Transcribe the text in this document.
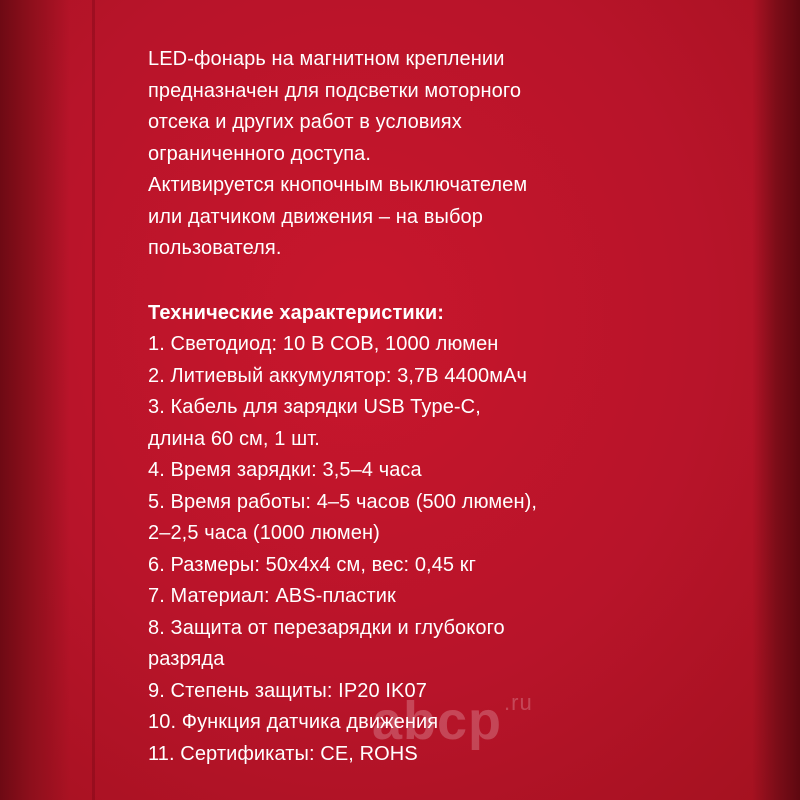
LED-фонарь на магнитном креплении

предназначен для подсветки моторного

отсека и других работ в условиях

ограниченного доступа.

Активируется кнопочным выключателем

или датчиком движения – на выбор

пользователя.

Технические характеристики:

1. Светодиод: 10 В COB, 1000 люмен

2. Литиевый аккумулятор: 3,7В 4400мАч

3. Кабель для зарядки USB Type-C,

длина 60 см, 1 шт.

4. Время зарядки: 3,5–4 часа

5. Время работы: 4–5 часов (500 люмен),

2–2,5 часа (1000 люмен)

6. Размеры: 50х4х4 см, вес: 0,45 кг

7. Материал: ABS-пластик

8. Защита от перезарядки и глубокого

разряда

9. Степень защиты: IP20 IK07

10. Функция датчика движения

11. Сертификаты: CE, ROHS

abcp$^{.ru}$
